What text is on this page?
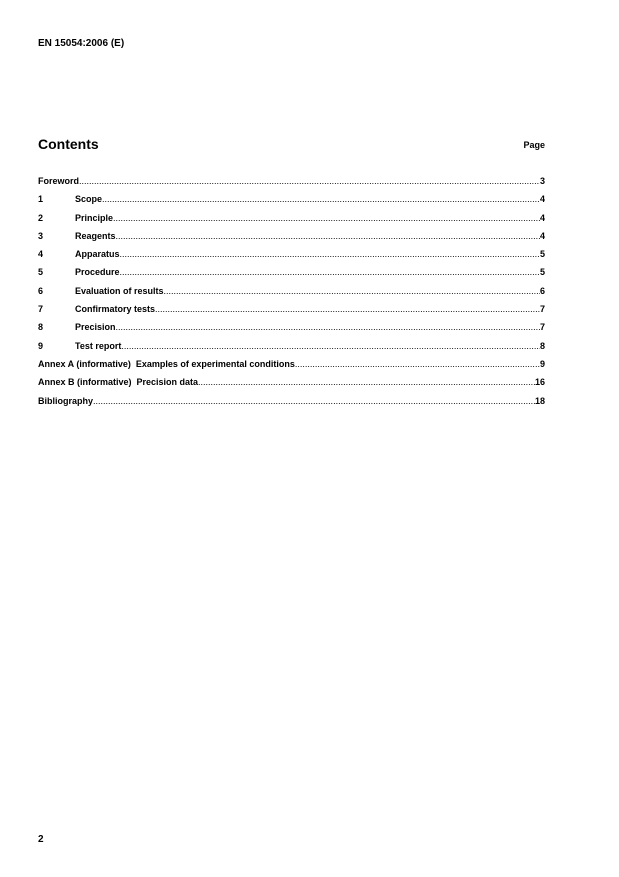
EN 15054:2006 (E)
Contents	Page
Foreword .....	3
1	Scope .....	4
2	Principle .....	4
3	Reagents .....	4
4	Apparatus .....	5
5	Procedure .....	5
6	Evaluation of results .....	6
7	Confirmatory tests .....	7
8	Precision .....	7
9	Test report .....	8
Annex A (informative)  Examples of experimental conditions .....	9
Annex B (informative)  Precision data .....	16
Bibliography .....	18
2
